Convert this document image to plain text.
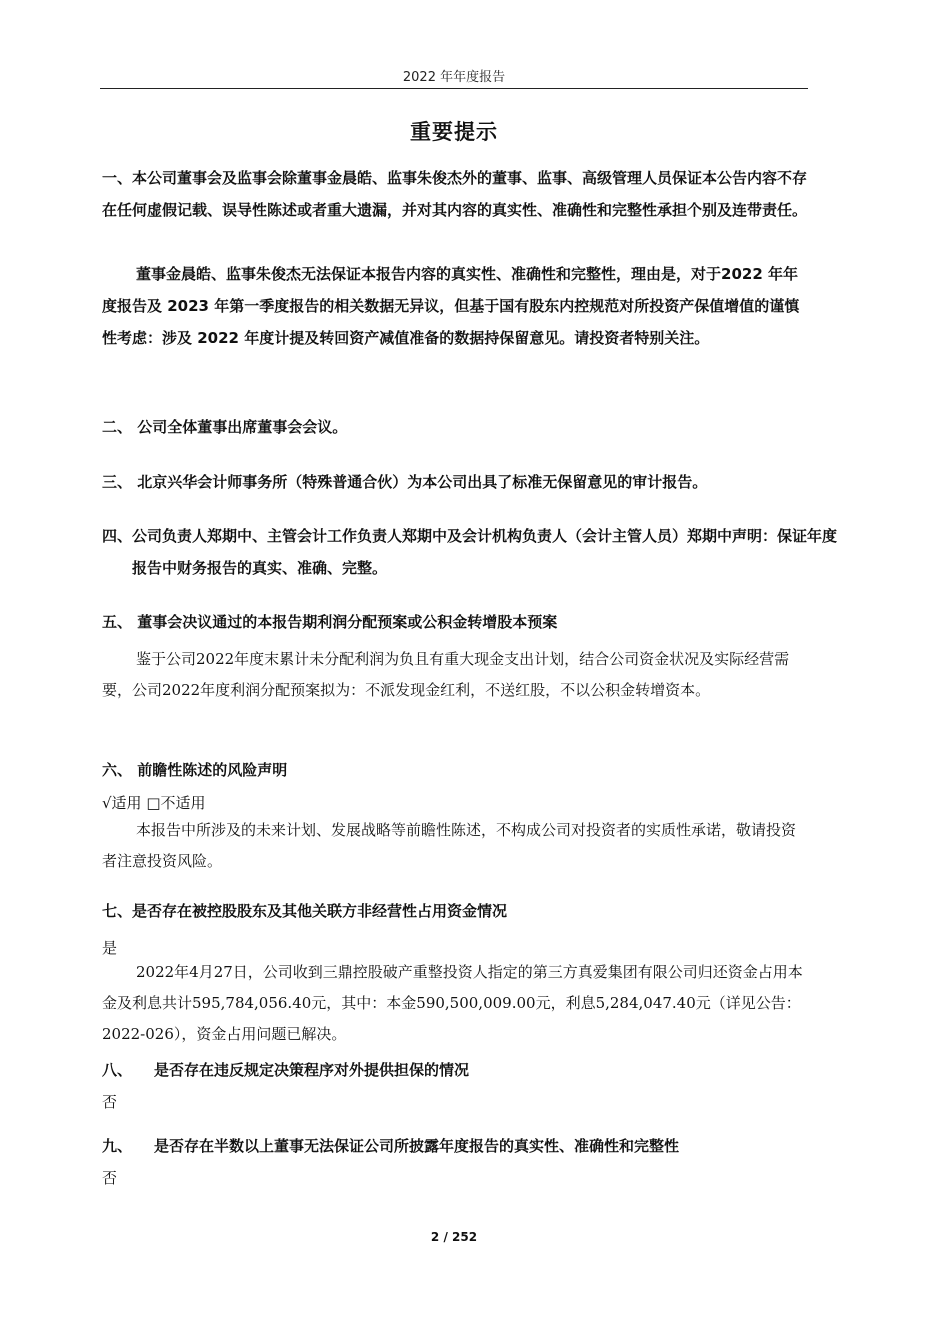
2022 年年度报告
重要提示

一、本公司董事会及监事会除董事金晨皓、监事朱俊杰外的董事、监事、高级管理人员保证本公告内容不存在任何虚假记载、误导性陈述或者重大遗漏，并对其内容的真实性、准确性和完整性承担个别及连带责任。

董事金晨皓、监事朱俊杰无法保证本报告内容的真实性、准确性和完整性，理由是，对于2022 年年度报告及 2023 年第一季度报告的相关数据无异议，但基于国有股东内控规范对所投资产保值增值的谨慎性考虑：涉及 2022 年度计提及转回资产减值准备的数据持保留意见。请投资者特别关注。

二、 公司全体董事出席董事会会议。

三、 北京兴华会计师事务所（特殊普通合伙）为本公司出具了标准无保留意见的审计报告。

四、公司负责人郑期中、主管会计工作负责人郑期中及会计机构负责人（会计主管人员）郑期中声明：保证年度报告中财务报告的真实、准确、完整。

五、 董事会决议通过的本报告期利润分配预案或公积金转增股本预案

鉴于公司2022年度末累计未分配利润为负且有重大现金支出计划，结合公司资金状况及实际经营需要，公司2022年度利润分配预案拟为：不派发现金红利，不送红股，不以公积金转增资本。

六、 前瞻性陈述的风险声明

√适用 □不适用

本报告中所涉及的未来计划、发展战略等前瞻性陈述，不构成公司对投资者的实质性承诺，敬请投资者注意投资风险。

七、是否存在被控股股东及其他关联方非经营性占用资金情况

是

2022年4月27日，公司收到三鼎控股破产重整投资人指定的第三方真爱集团有限公司归还资金占用本金及利息共计595,784,056.40元，其中：本金590,500,009.00元，利息5,284,047.40元（详见公告：2022-026），资金占用问题已解决。

八、 是否存在违反规定决策程序对外提供担保的情况

否

九、 是否存在半数以上董事无法保证公司所披露年度报告的真实性、准确性和完整性

否

2 / 252
